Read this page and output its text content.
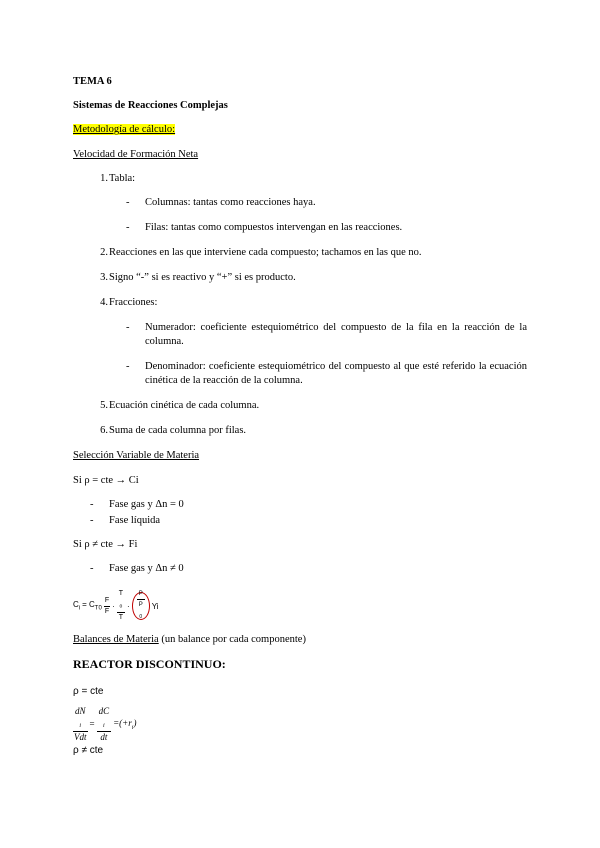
TEMA 6
Sistemas de Reacciones Complejas
Metodología de cálculo:
Velocidad de Formación Neta
1. Tabla:
- Columnas: tantas como reacciones haya.
- Filas: tantas como compuestos intervengan en las reacciones.
2. Reacciones en las que interviene cada compuesto; tachamos en las que no.
3. Signo “-” si es reactivo y “+” si es producto.
4. Fracciones:
- Numerador: coeficiente estequiométrico del compuesto de la fila en la reacción de la columna.
- Denominador: coeficiente estequiométrico del compuesto al que esté referido la ecuación cinética de la reacción de la columna.
5. Ecuación cinética de cada columna.
6. Suma de cada columna por filas.
Selección Variable de Materia
Si ρ = cte → Ci
- Fase gas y Δn = 0
- Fase líquida
Si ρ ≠ cte → Fi
- Fase gas y Δn ≠ 0
$C_i = C_{T0} \frac{F}{F} \cdot T$
$_o$
T · P
P
$_0$ Yi
Balances de Materia (un balance por cada componente)
REACTOR DISCONTINUO:
ρ = cte
dN
$_i$
Vdt = dC
$_i$
dt $=(+r_i)$
ρ ≠ cte
